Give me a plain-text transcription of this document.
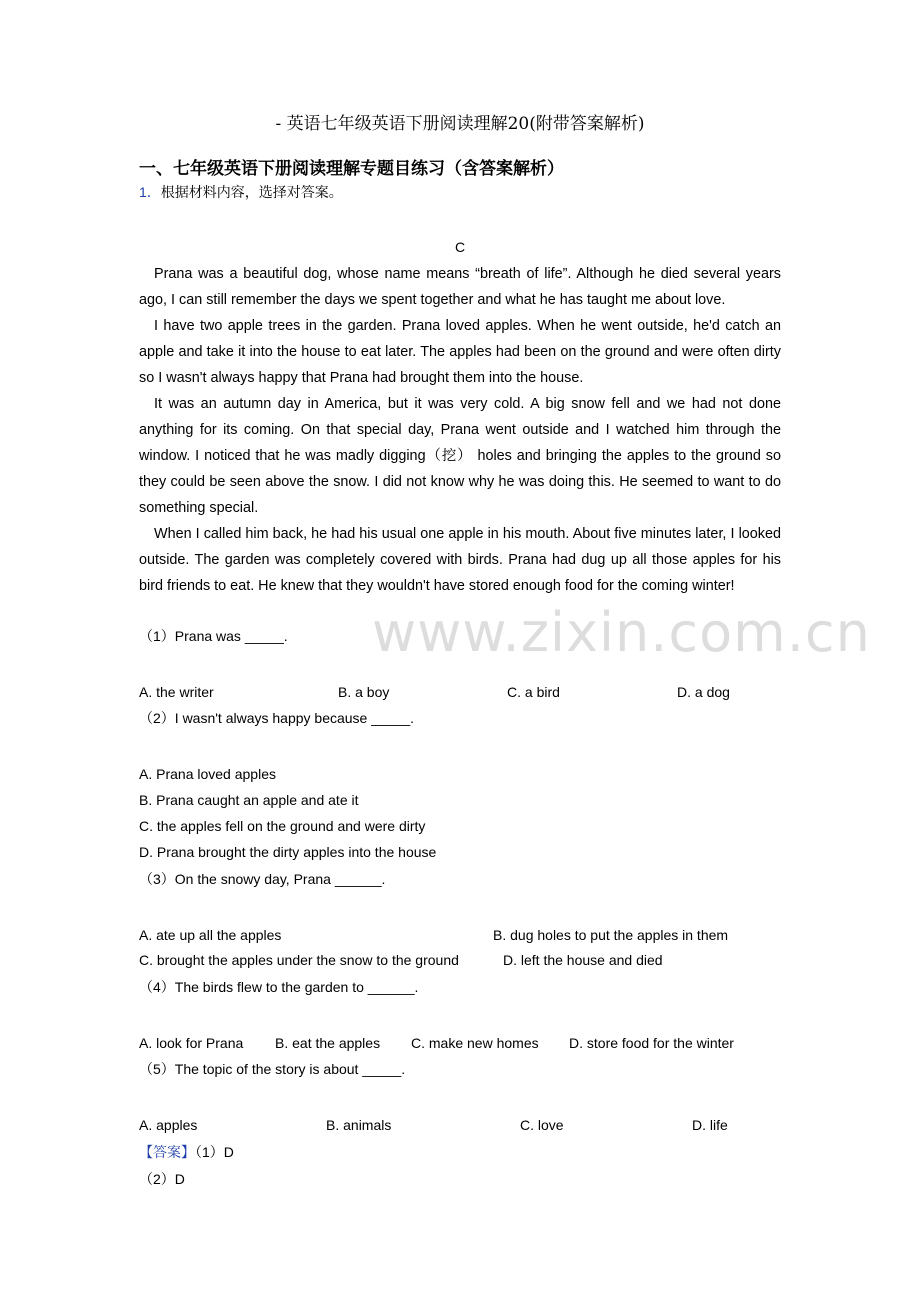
- 英语七年级英语下册阅读理解20(附带答案解析)
一、七年级英语下册阅读理解专题目练习（含答案解析）
1．根据材料内容，选择对答案。
C

Prana was a beautiful dog, whose name means “breath of life”. Although he died several years ago, I can still remember the days we spent together and what he has taught me about love.

I have two apple trees in the garden. Prana loved apples. When he went outside, he'd catch an apple and take it into the house to eat later. The apples had been on the ground and were often dirty so I wasn't always happy that Prana had brought them into the house.

It was an autumn day in America, but it was very cold. A big snow fell and we had not done anything for its coming. On that special day, Prana went outside and I watched him through the window. I noticed that he was madly digging（挖） holes and bringing the apples to the ground so they could be seen above the snow. I did not know why he was doing this. He seemed to want to do something special.

When I called him back, he had his usual one apple in his mouth. About five minutes later, I looked outside. The garden was completely covered with birds. Prana had dug up all those apples for his bird friends to eat. He knew that they wouldn't have stored enough food for the coming winter!

（1）Prana was _____.
A. the writer	B. a boy	C. a bird	D. a dog
（2）I wasn't always happy because _____.
A. Prana loved apples
B. Prana caught an apple and ate it
C. the apples fell on the ground and were dirty
D. Prana brought the dirty apples into the house
（3）On the snowy day, Prana ______.
A. ate up all the apples	B. dug holes to put the apples in them
C. brought the apples under the snow to the ground	D. left the house and died
（4）The birds flew to the garden to ______.
A. look for Prana B. eat the apples C. make new homes D. store food for the winter
（5）The topic of the story is about _____.
A. apples	B. animals	C. love	D. life
【答案】（1）D
（2）D
www.zixin.com.cn
